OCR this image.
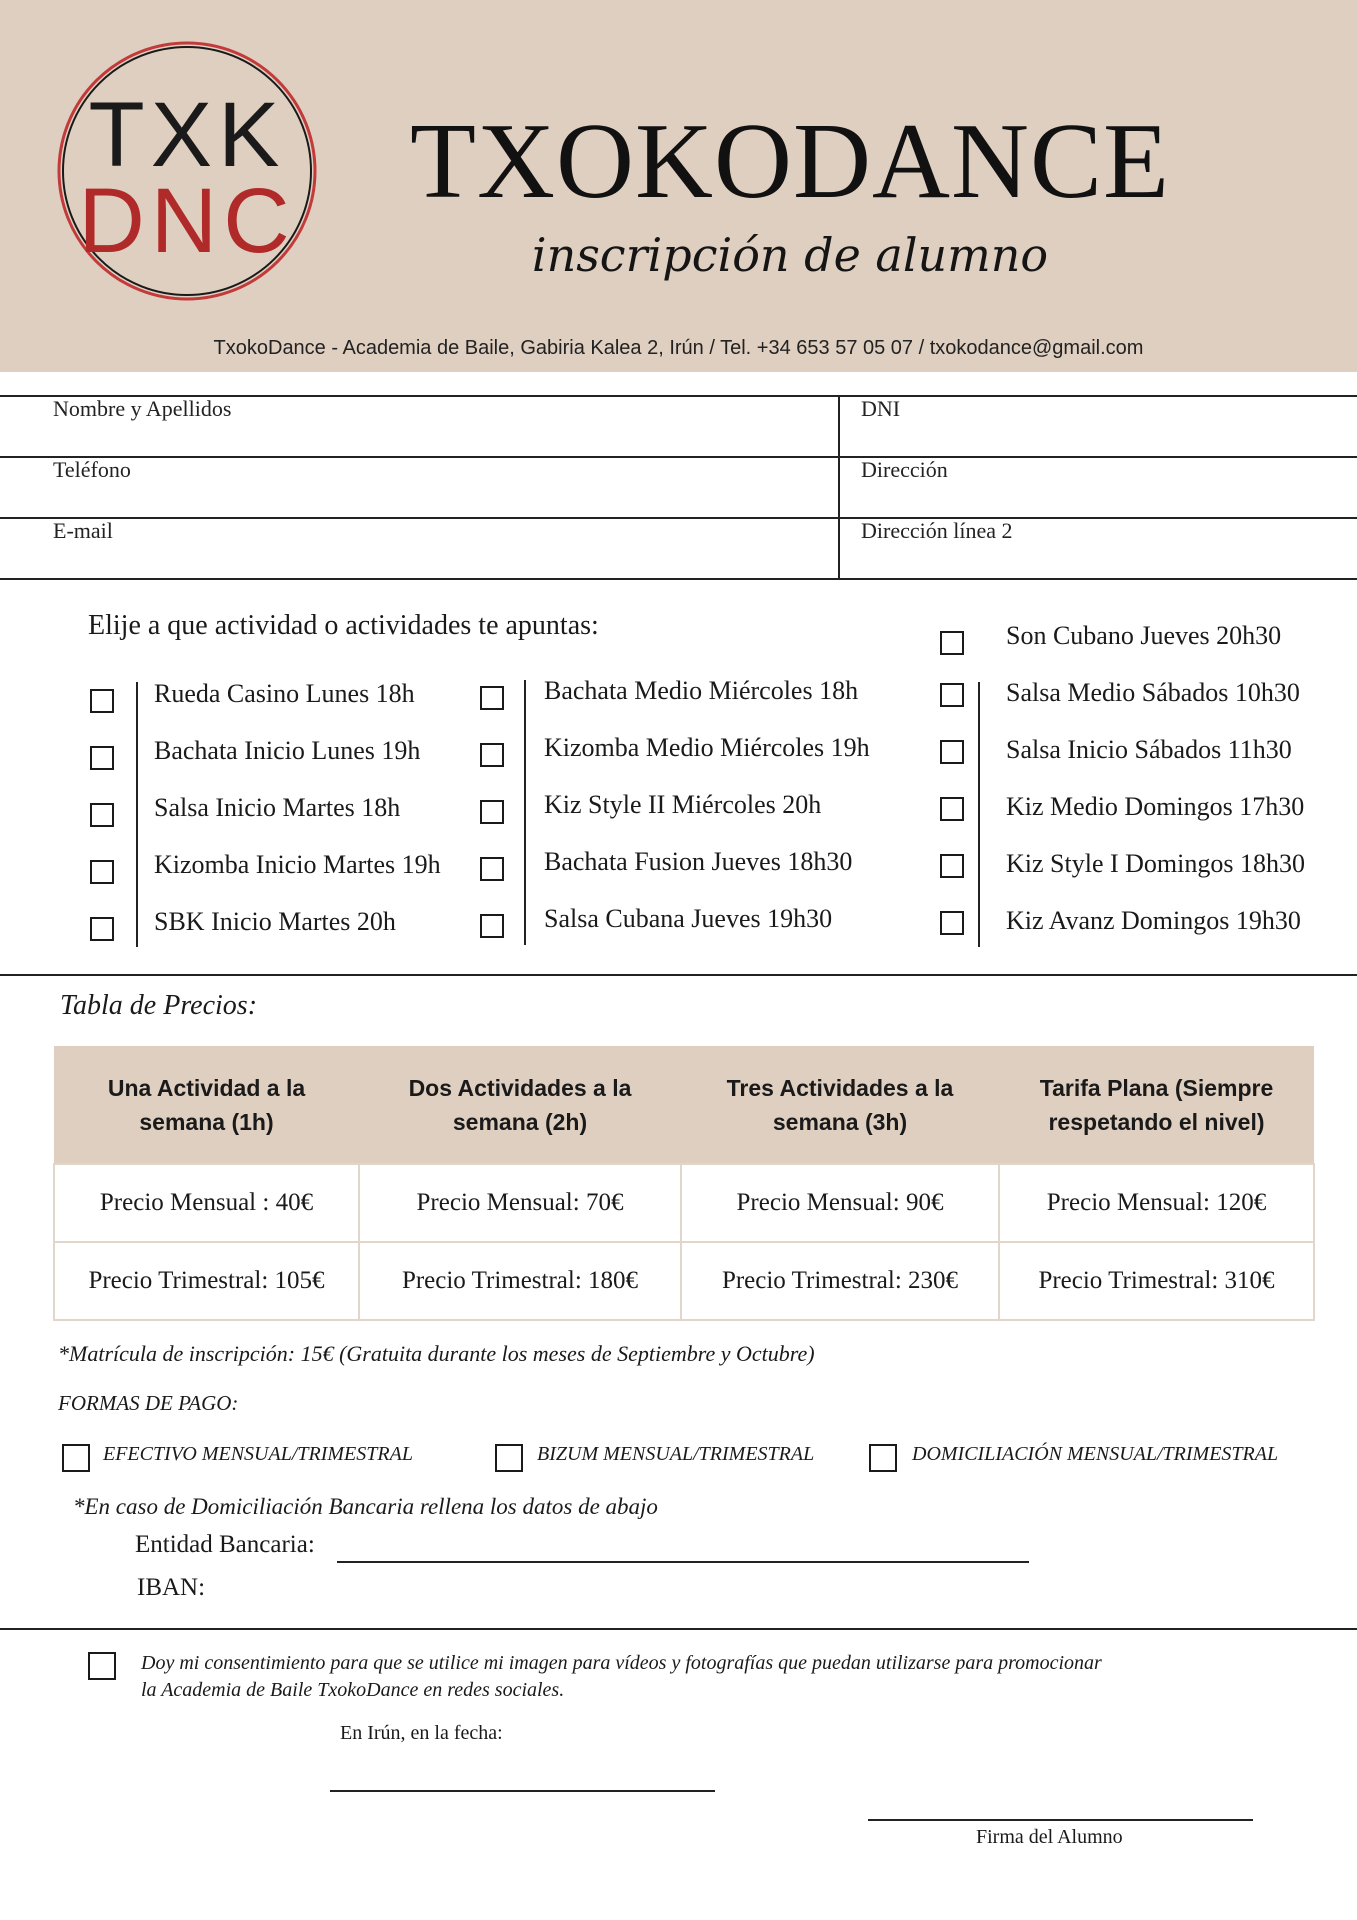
TXK
DNC TXOKODANCE
inscripción de alumno
TxokoDance - Academia de Baile, Gabiria Kalea 2, Irún / Tel. +34 653 57 05 07 / txokodance@gmail.com
Nombre y Apellidos	DNI
Teléfono	Dirección
E-mail	Dirección línea 2
Elije a que actividad o actividades te apuntas:
Rueda Casino Lunes 18h
Bachata Inicio Lunes 19h
Salsa Inicio Martes 18h
Kizomba Inicio Martes 19h
SBK Inicio Martes 20h
Bachata Medio Miércoles 18h
Kizomba Medio Miércoles 19h
Kiz Style II Miércoles 20h
Bachata Fusion Jueves 18h30
Salsa Cubana Jueves 19h30
Son Cubano Jueves 20h30
Salsa Medio Sábados 10h30
Salsa Inicio Sábados 11h30
Kiz Medio Domingos 17h30
Kiz Style I Domingos 18h30
Kiz Avanz Domingos 19h30
Tabla de Precios:
Una Actividad a la semana (1h)	Dos Actividades a la semana (2h)	Tres Actividades a la semana (3h)	Tarifa Plana (Siempre respetando el nivel)
Precio Mensual : 40€	Precio Mensual: 70€	Precio Mensual: 90€	Precio Mensual: 120€
Precio Trimestral: 105€	Precio Trimestral: 180€	Precio Trimestral: 230€	Precio Trimestral: 310€
*Matrícula de inscripción: 15€ (Gratuita durante los meses de Septiembre y Octubre)
FORMAS DE PAGO:
EFECTIVO MENSUAL/TRIMESTRAL	BIZUM MENSUAL/TRIMESTRAL	DOMICILIACIÓN MENSUAL/TRIMESTRAL
*En caso de Domiciliación Bancaria rellena los datos de abajo
Entidad Bancaria:
IBAN:
Doy mi consentimiento para que se utilice mi imagen para vídeos y fotografías que puedan utilizarse para promocionar
la Academia de Baile TxokoDance en redes sociales.
En Irún, en la fecha:
Firma del Alumno
